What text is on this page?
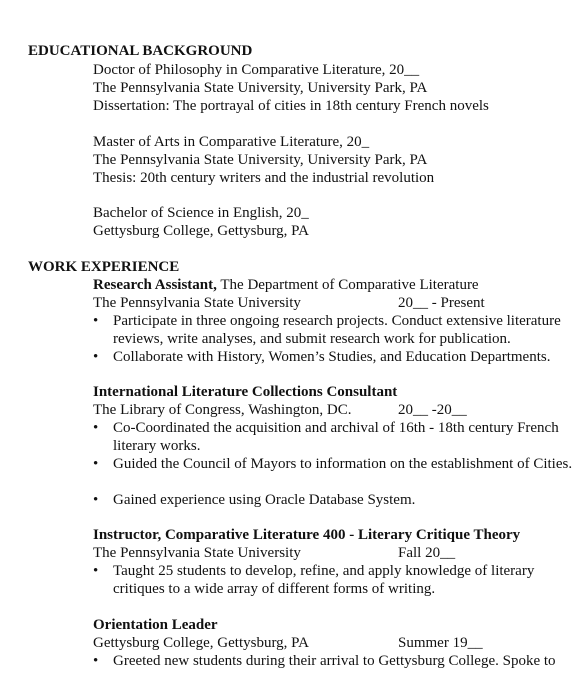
EDUCATIONAL BACKGROUND
Doctor of Philosophy in Comparative Literature, 20__
The Pennsylvania State University, University Park, PA
Dissertation: The portrayal of cities in 18th century French novels
Master of Arts in Comparative Literature, 20_
The Pennsylvania State University, University Park, PA
Thesis: 20th century writers and the industrial revolution
Bachelor of Science in English, 20_
Gettysburg College, Gettysburg, PA
WORK EXPERIENCE
Research Assistant, The Department of Comparative Literature
The Pennsylvania State University	20__ - Present
• Participate in three ongoing research projects. Conduct extensive literature reviews, write analyses, and submit research work for publication.
• Collaborate with History, Women’s Studies, and Education Departments.
International Literature Collections Consultant
The Library of Congress, Washington, DC.	20__ -20__
• Co-Coordinated the acquisition and archival of 16th - 18th century French literary works.
• Guided the Council of Mayors to information on the establishment of Cities.
• Gained experience using Oracle Database System.
Instructor, Comparative Literature 400 - Literary Critique Theory
The Pennsylvania State University	Fall 20__
• Taught 25 students to develop, refine, and apply knowledge of literary critiques to a wide array of different forms of writing.
Orientation Leader
Gettysburg College, Gettysburg, PA	Summer 19__
• Greeted new students during their arrival to Gettysburg College. Spoke to
